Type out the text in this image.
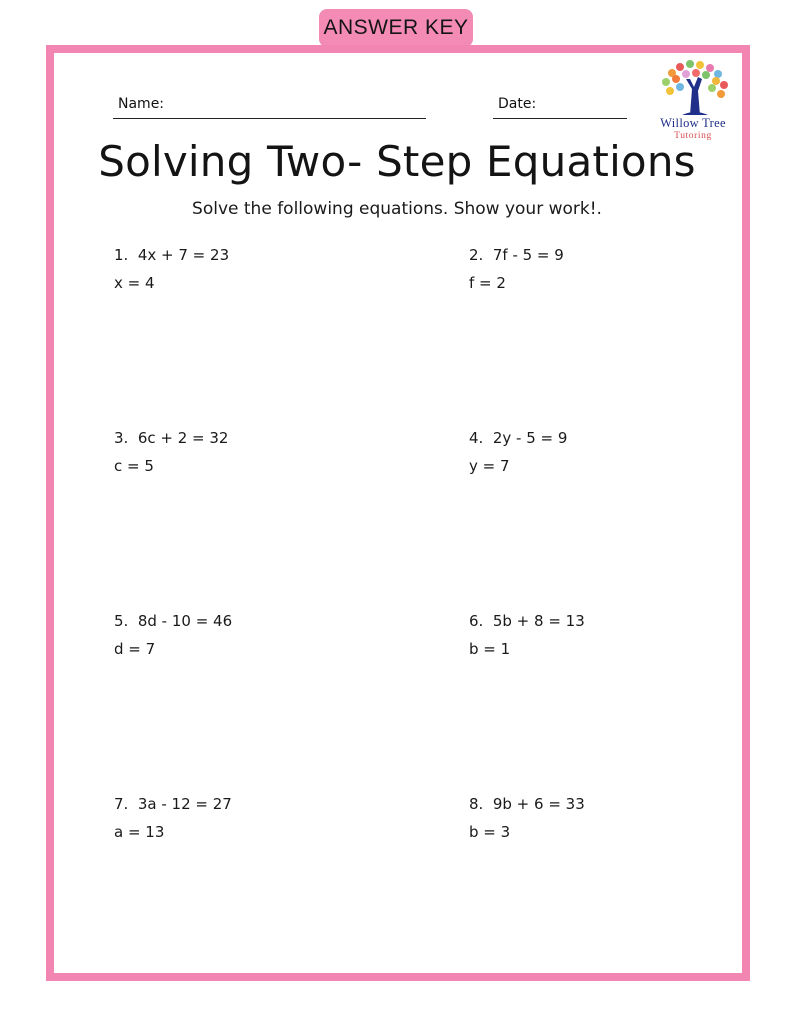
ANSWER KEY
Name:	Date:
Willow Tree
Tutoring
Solving Two- Step Equations
Solve the following equations. Show your work!.
1.  4x + 7 = 23
x = 4
2.  7f - 5 = 9
f = 2
3.  6c + 2 = 32
c = 5
4.  2y - 5 = 9
y = 7
5.  8d - 10 = 46
d = 7
6.  5b + 8 = 13
b = 1
7.  3a - 12 = 27
a = 13
8.  9b + 6 = 33
b = 3
